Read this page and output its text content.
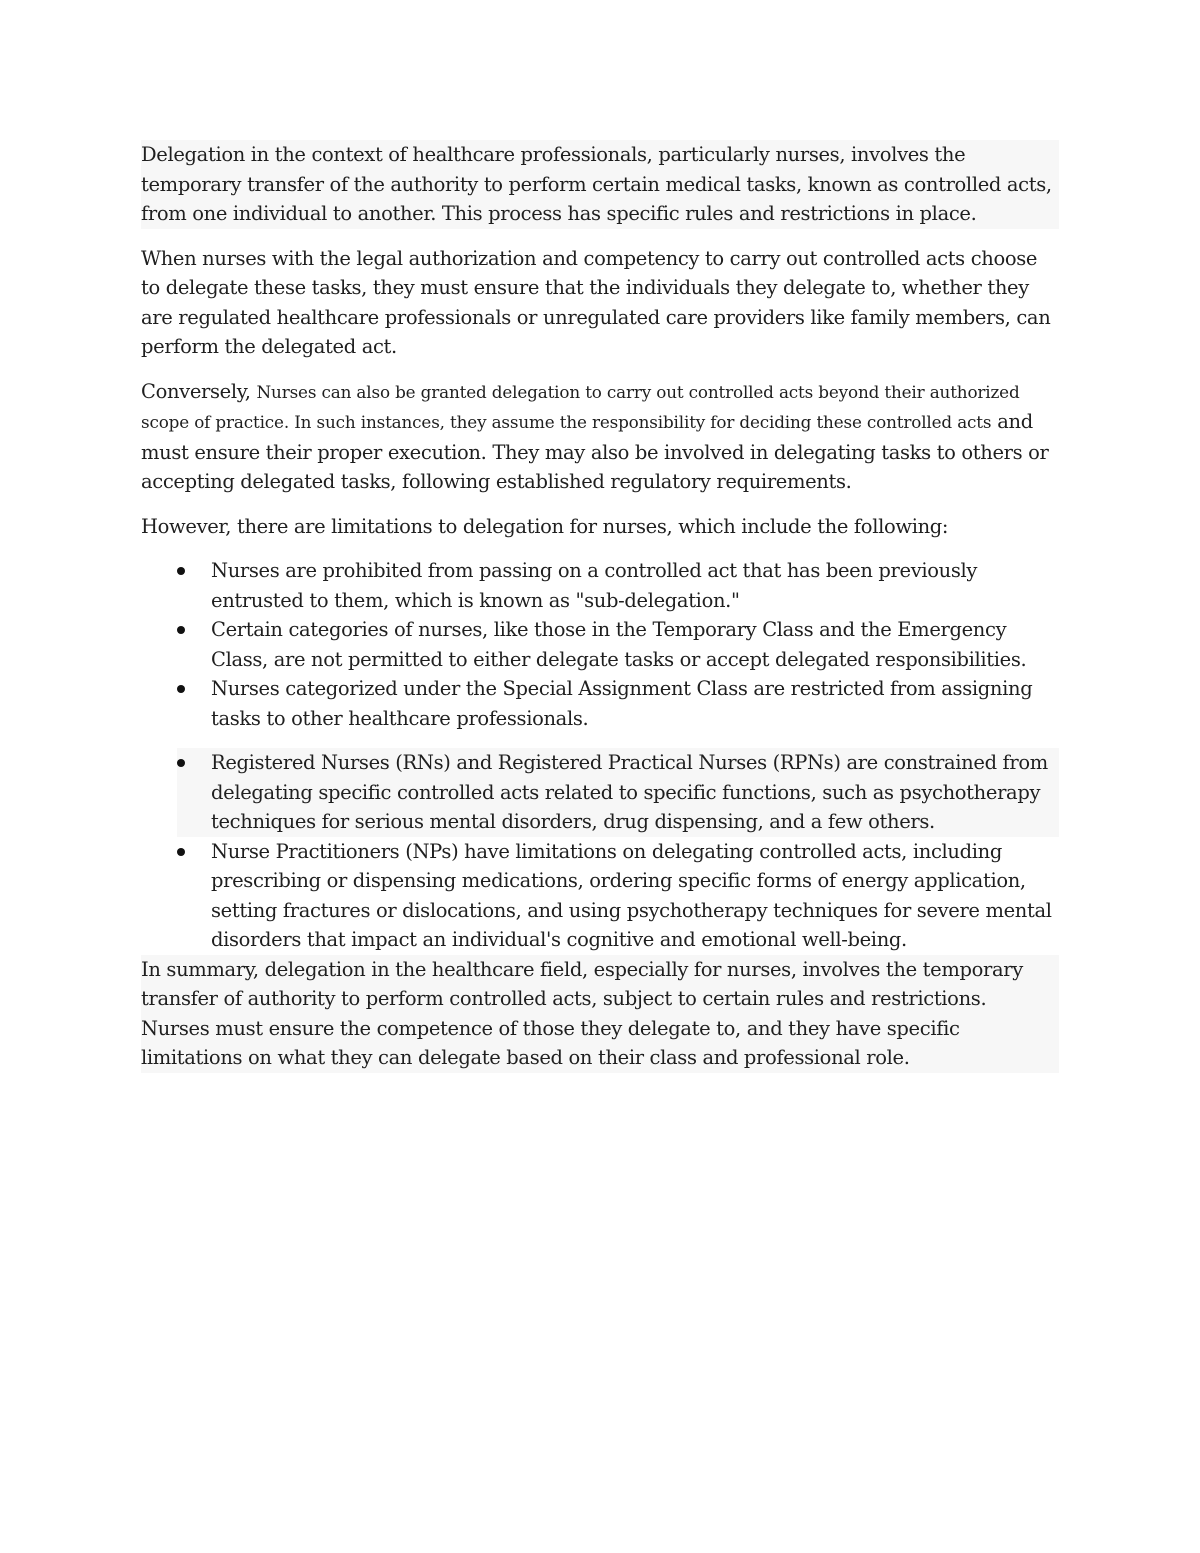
Delegation in the context of healthcare professionals, particularly nurses, involves the temporary transfer of the authority to perform certain medical tasks, known as controlled acts, from one individual to another. This process has specific rules and restrictions in place.

When nurses with the legal authorization and competency to carry out controlled acts choose to delegate these tasks, they must ensure that the individuals they delegate to, whether they are regulated healthcare professionals or unregulated care providers like family members, can perform the delegated act.

Conversely, Nurses can also be granted delegation to carry out controlled acts beyond their authorized scope of practice. In such instances, they assume the responsibility for deciding these controlled acts and must ensure their proper execution. They may also be involved in delegating tasks to others or accepting delegated tasks, following established regulatory requirements.

However, there are limitations to delegation for nurses, which include the following:

Nurses are prohibited from passing on a controlled act that has been previously entrusted to them, which is known as "sub-delegation."
Certain categories of nurses, like those in the Temporary Class and the Emergency Class, are not permitted to either delegate tasks or accept delegated responsibilities.
Nurses categorized under the Special Assignment Class are restricted from assigning tasks to other healthcare professionals.
Registered Nurses (RNs) and Registered Practical Nurses (RPNs) are constrained from delegating specific controlled acts related to specific functions, such as psychotherapy techniques for serious mental disorders, drug dispensing, and a few others.
Nurse Practitioners (NPs) have limitations on delegating controlled acts, including prescribing or dispensing medications, ordering specific forms of energy application, setting fractures or dislocations, and using psychotherapy techniques for severe mental disorders that impact an individual's cognitive and emotional well-being.

In summary, delegation in the healthcare field, especially for nurses, involves the temporary transfer of authority to perform controlled acts, subject to certain rules and restrictions. Nurses must ensure the competence of those they delegate to, and they have specific limitations on what they can delegate based on their class and professional role.
